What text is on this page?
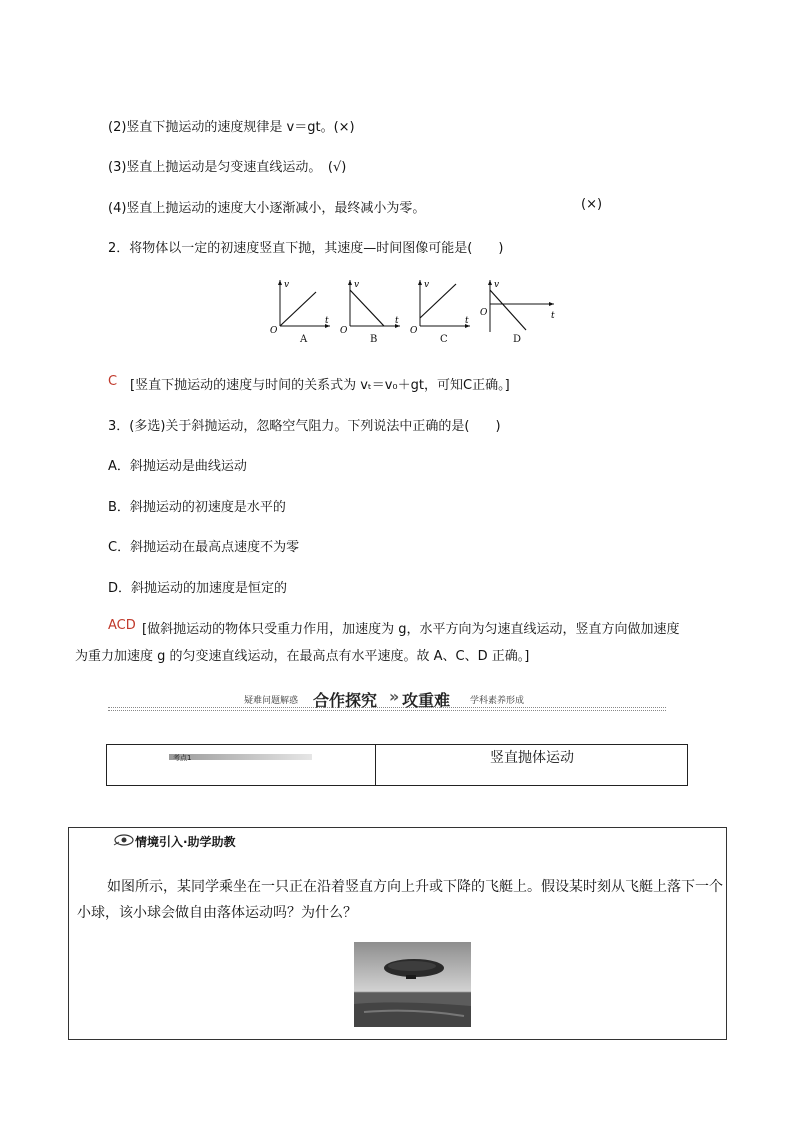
(2)竖直下抛运动的速度规律是 v＝gt。(×)
(3)竖直上抛运动是匀变速直线运动。　(√)
(4)竖直上抛运动的速度大小逐渐减小，最终减小为零。	(×)
2．将物体以一定的初速度竖直下抛，其速度—时间图像可能是(　　)
v
t
O
A
v
t
O
B
v
t
O
C
v
t
O
D
C [竖直下抛运动的速度与时间的关系式为 vₜ＝v₀＋gt，可知C正确。]
3．(多选)关于斜抛运动，忽略空气阻力。下列说法中正确的是(　　)
A．斜抛运动是曲线运动
B．斜抛运动的初速度是水平的
C．斜抛运动在最高点速度不为零
D．斜抛运动的加速度是恒定的
ACD [做斜抛运动的物体只受重力作用，加速度为 g，水平方向为匀速直线运动，竖直方向做加速度
为重力加速度 g 的匀变速直线运动，在最高点有水平速度。故 A、C、D 正确。]
疑难问题解惑 合作探究 » 攻重难 学科素养形成
考点1	竖直抛体运动
情境引入·助学助教
如图所示，某同学乘坐在一只正在沿着竖直方向上升或下降的飞艇上。假设某时刻从飞艇上落下一个
小球，该小球会做自由落体运动吗？为什么？
